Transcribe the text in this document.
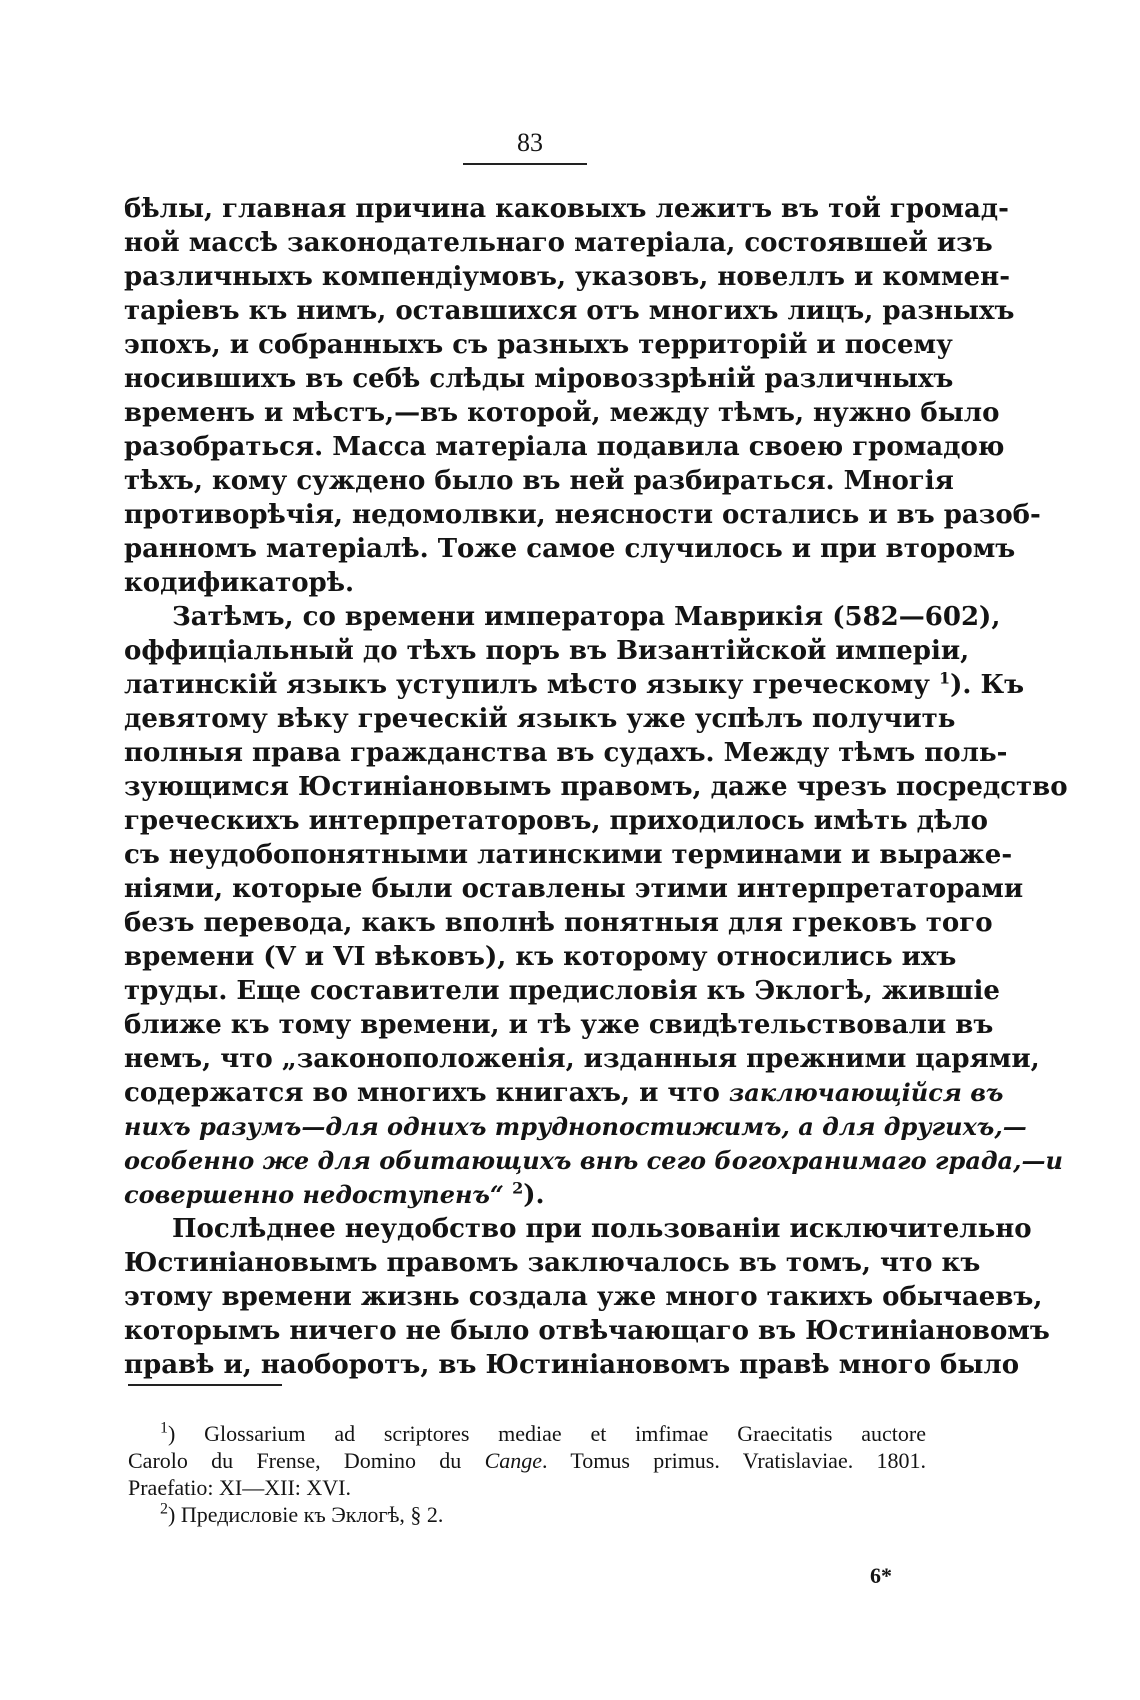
83
бѣлы, главная причина каковыхъ лежитъ въ той громад-
ной массѣ законодательнаго матеріала, состоявшей изъ
различныхъ компендіумовъ, указовъ, новеллъ и коммен-
таріевъ къ нимъ, оставшихся отъ многихъ лицъ, разныхъ
эпохъ, и собранныхъ съ разныхъ территорій и посему
носившихъ въ себѣ слѣды міровоззрѣній различныхъ
временъ и мѣстъ,—въ которой, между тѣмъ, нужно было
разобраться. Масса матеріала подавила своею громадою
тѣхъ, кому суждено было въ ней разбираться. Многія
противорѣчія, недомолвки, неясности остались и въ разоб-
ранномъ матеріалѣ. Тоже самое случилось и при второмъ
кодификаторѣ.
Затѣмъ, со времени императора Маврикія (582—602),
оффиціальный до тѣхъ поръ въ Византійской имперіи,
латинскій языкъ уступилъ мѣсто языку греческому $^1$). Къ
девятому вѣку греческій языкъ уже успѣлъ получить
полныя права гражданства въ судахъ. Между тѣмъ поль-
зующимся Юстиніановымъ правомъ, даже чрезъ посредство
греческихъ интерпретаторовъ, приходилось имѣть дѣло
съ неудобопонятными латинскими терминами и выраже-
ніями, которые были оставлены этими интерпретаторами
безъ перевода, какъ вполнѣ понятныя для грековъ того
времени (V и VI вѣковъ), къ которому относились ихъ
труды. Еще составители предисловія къ Эклогѣ, жившіе
ближе къ тому времени, и тѣ уже свидѣтельствовали въ
немъ, что „законоположенія, изданныя прежними царями,
содержатся во многихъ книгахъ, и что заключающійся въ
нихъ разумъ—для однихъ труднопостижимъ, а для другихъ,—
особенно же для обитающихъ внѣ сего богохранимаго града,—и
совершенно недоступенъ“ $^2$).
Послѣднее неудобство при пользованіи исключительно
Юстиніановымъ правомъ заключалось въ томъ, что къ
этому времени жизнь создала уже много такихъ обычаевъ,
которымъ ничего не было отвѣчающаго въ Юстиніановомъ
правѣ и, наоборотъ, въ Юстиніановомъ правѣ много было
$^1$) Glossarium ad scriptores mediae et imfimae Graecitatis auctore
Carolo du Frense, Domino du Cange. Tomus primus. Vratislaviae. 1801.
Praefatio: XI—XII: XVI.
$^2$) Предисловіе къ Эклогѣ, § 2.
6*
